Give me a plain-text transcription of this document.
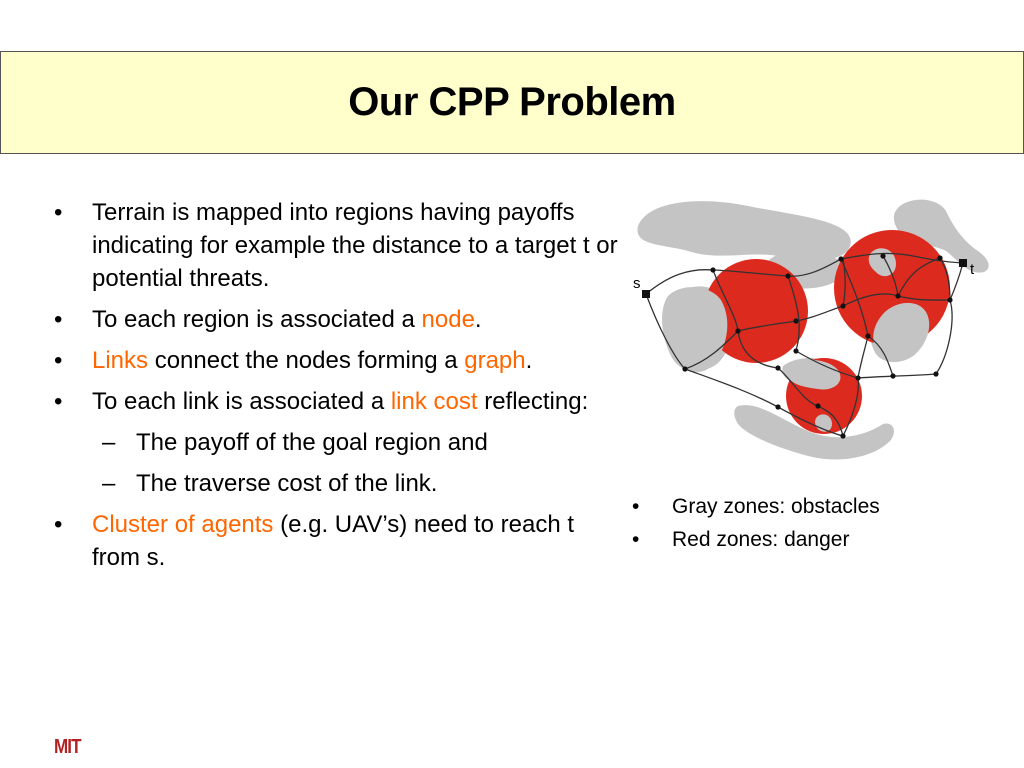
Our CPP Problem
•	Terrain is mapped into regions having payoffs indicating for example the distance to a target t or potential threats.
•	To each region is associated a node.
•	Links connect the nodes forming a graph.
•	To each link is associated a link cost reflecting:
– The payoff of the goal region and
– The traverse cost of the link.
•	Cluster of agents (e.g. UAV’s) need to reach t from s.
s
t
•	Gray zones: obstacles
•	Red zones: danger
MIT
